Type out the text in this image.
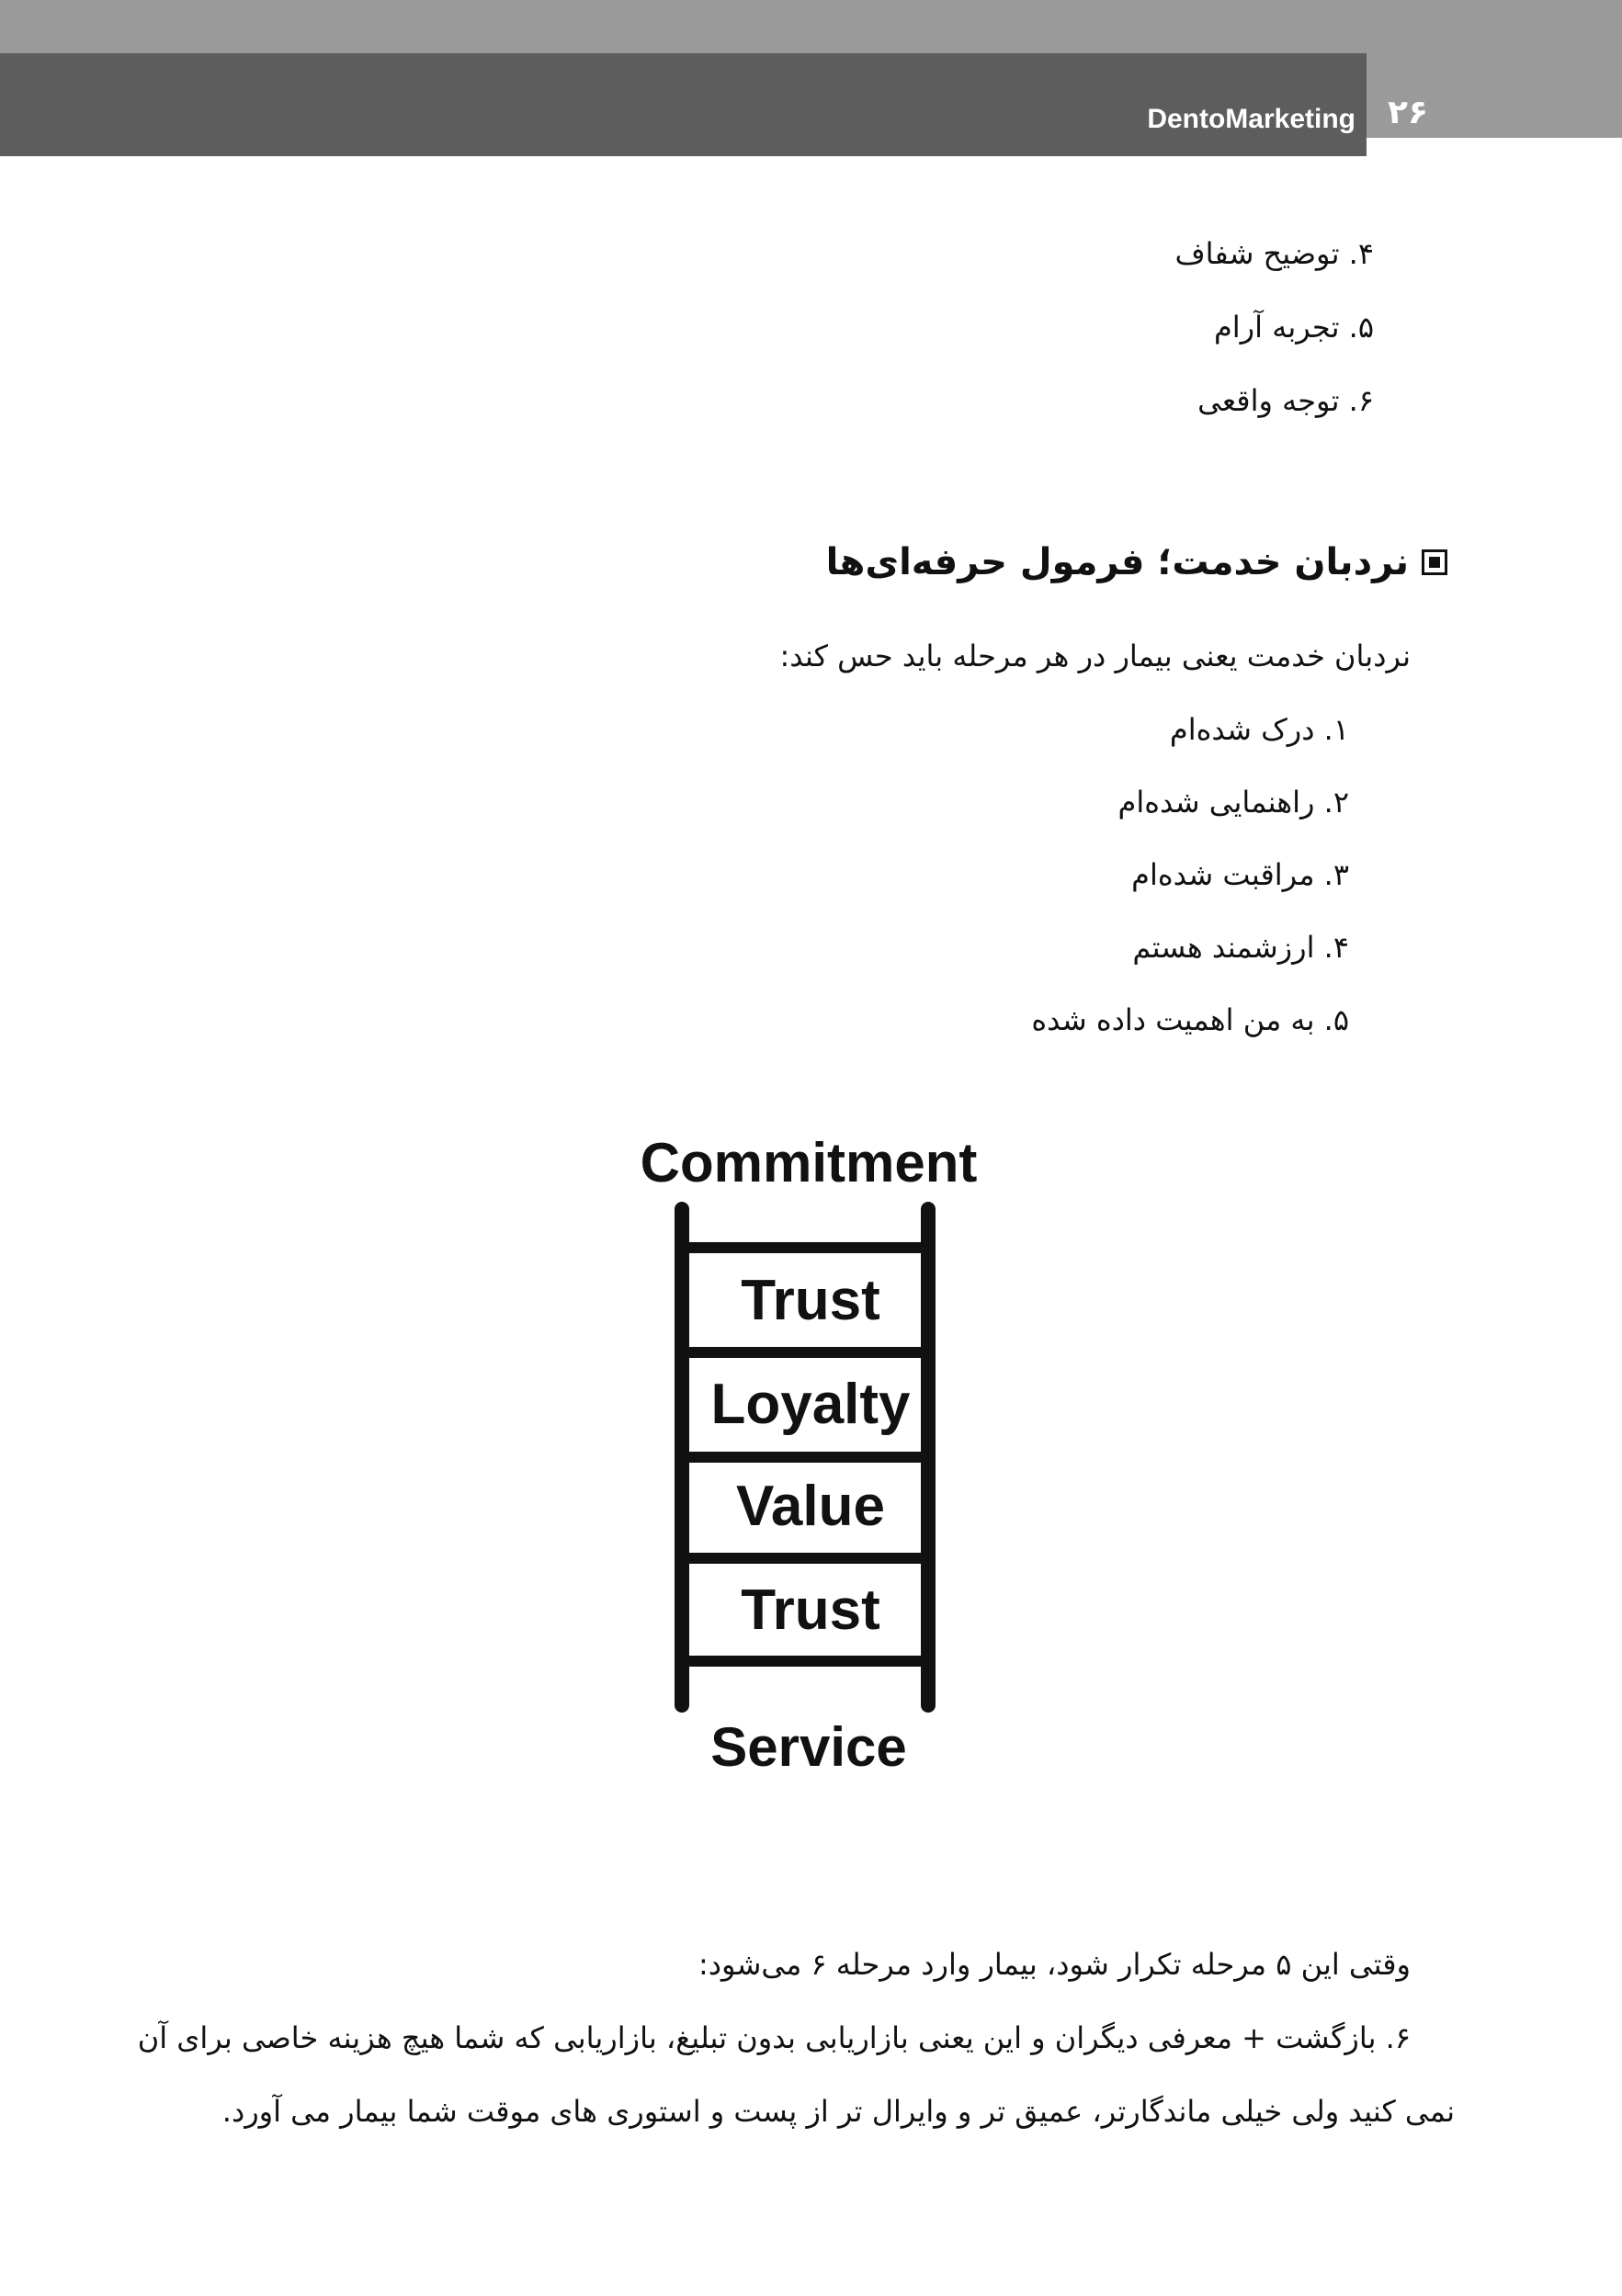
DentoMarketing ۲۶
۴. توضیح شفاف
۵. تجربه آرام
۶. توجه واقعی
نردبان خدمت؛ فرمول حرفه‌ای‌ها
نردبان خدمت یعنی بیمار در هر مرحله باید حس کند:
۱. درک شده‌ام
۲. راهنمایی شده‌ام
۳. مراقبت شده‌ام
۴. ارزشمند هستم
۵. به من اهمیت داده شده
Commitment
Trust
Loyalty
Value
Trust
Service
وقتی این ۵ مرحله تکرار شود، بیمار وارد مرحله ۶ می‌شود:
۶. بازگشت + معرفی دیگران و این یعنی بازاریابی بدون تبلیغ، بازاریابی که شما هیچ هزینه خاصی برای آن
نمی کنید ولی خیلی ماندگارتر، عمیق تر و وایرال تر از پست و استوری های موقت شما بیمار می آورد.
